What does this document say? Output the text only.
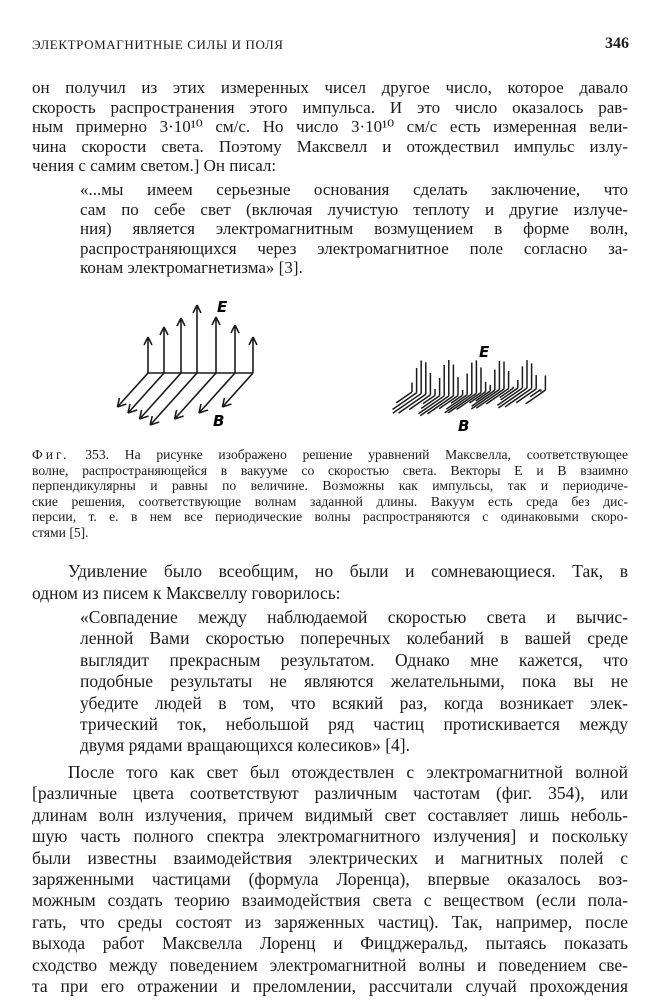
ЭЛЕКТРОМАГНИТНЫЕ СИЛЫ И ПОЛЯ	346
он получил из этих измеренных чисел другое число, которое давало
скорость распространения этого импульса. И это число оказалось рав-
ным примерно 3·10¹⁰ см/с. Но число 3·10¹⁰ см/с есть измеренная вели-
чина скорости света. Поэтому Максвелл и отождествил импульс излу-
чения с самим светом.] Он писал:
«...мы имеем серьезные основания сделать заключение, что
сам по себе свет (включая лучистую теплоту и другие излуче-
ния) является электромагнитным возмущением в форме волн,
распространяющихся через электромагнитное поле согласно за-
конам электромагнетизма» [3].
E
B
E
B
Фиг. 353. На рисунке изображено решение уравнений Максвелла, соответствующее
волне, распространяющейся в вакууме со скоростью света. Векторы E и B взаимно
перпендикулярны и равны по величине. Возможны как импульсы, так и периодиче-
ские решения, соответствующие волнам заданной длины. Вакуум есть среда без дис-
персии, т. е. в нем все периодические волны распространяются с одинаковыми скоро-
стями [5].
Удивление было всеобщим, но были и сомневающиеся. Так, в
одном из писем к Максвеллу говорилось:
«Совпадение между наблюдаемой скоростью света и вычис-
ленной Вами скоростью поперечных колебаний в вашей среде
выглядит прекрасным результатом. Однако мне кажется, что
подобные результаты не являются желательными, пока вы не
убедите людей в том, что всякий раз, когда возникает элек-
трический ток, небольшой ряд частиц протискивается между
двумя рядами вращающихся колесиков» [4].
После того как свет был отождествлен с электромагнитной волной
[различные цвета соответствуют различным частотам (фиг. 354), или
длинам волн излучения, причем видимый свет составляет лишь неболь-
шую часть полного спектра электромагнитного излучения] и поскольку
были известны взаимодействия электрических и магнитных полей с
заряженными частицами (формула Лоренца), впервые оказалось воз-
можным создать теорию взаимодействия света с веществом (если пола-
гать, что среды состоят из заряженных частиц). Так, например, после
выхода работ Максвелла Лоренц и Фицджеральд, пытаясь показать
сходство между поведением электромагнитной волны и поведением све-
та при его отражении и преломлении, рассчитали случай прохождения
